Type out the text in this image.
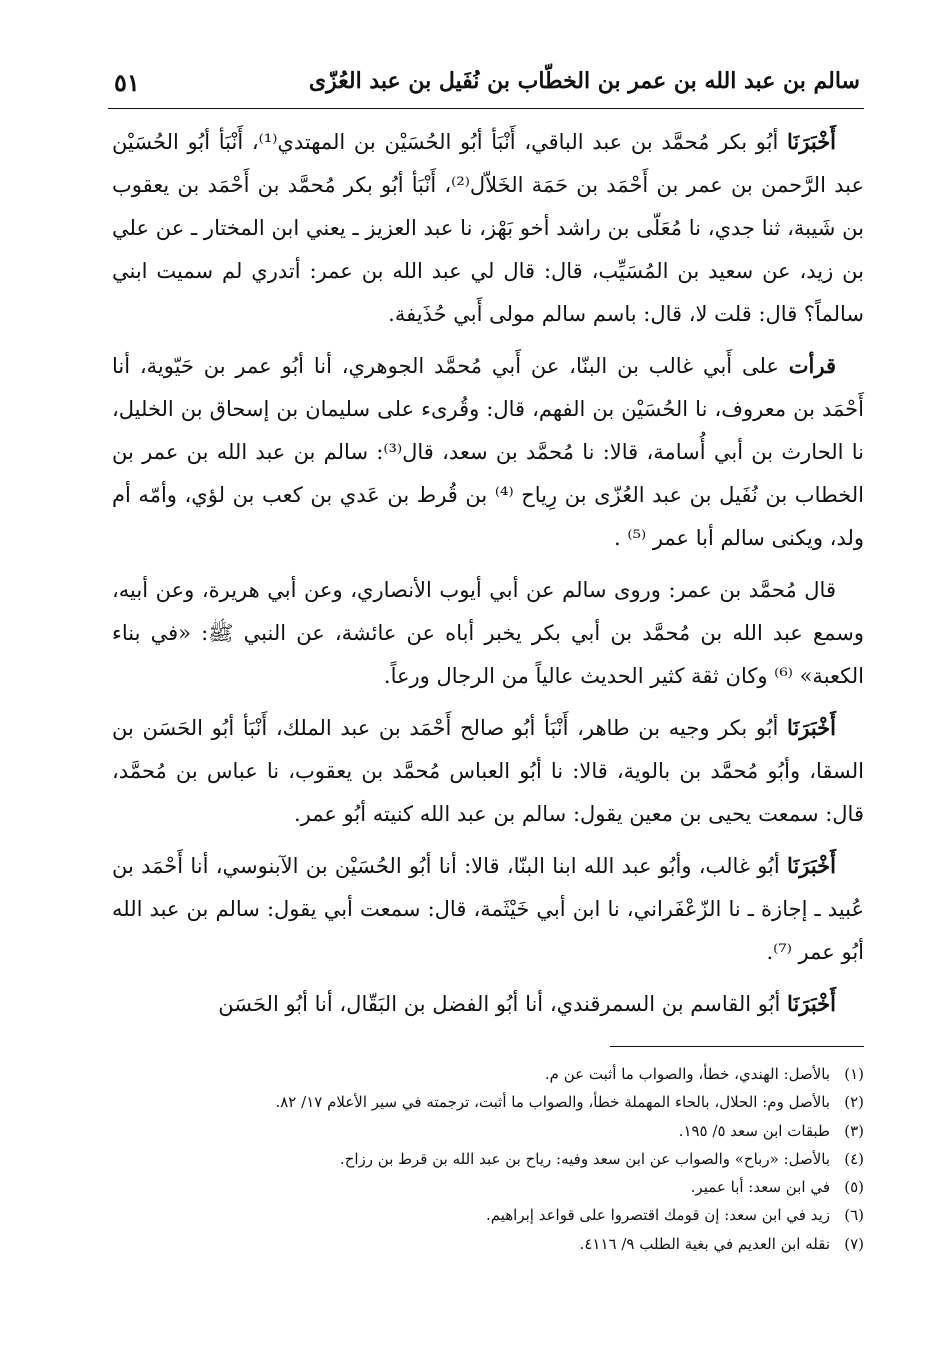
سالم بن عبد الله بن عمر بن الخطّاب بن نُفَيل بن عبد العُزّى
٥١

أَخْبَرَنَا أبُو بكر مُحمَّد بن عبد الباقي، أَنْبَأ أبُو الحُسَيْن بن المهتدي⁽¹⁾، أَنْبَأ أبُو الحُسَيْن عبد الرَّحمن بن عمر بن أَحْمَد بن حَمَة الخَلاّل⁽²⁾، أَنْبَأ أبُو بكر مُحمَّد بن أَحْمَد بن يعقوب بن شَيبة، ثنا جدي، نا مُعَلّى بن راشد أخو بَهْز، نا عبد العزيز ـ يعني ابن المختار ـ عن علي بن زيد، عن سعيد بن المُسَيِّب، قال: قال لي عبد الله بن عمر: أتدري لم سميت ابني سالماً؟ قال: قلت لا، قال: باسم سالم مولى أَبي حُذَيفة.

قرأت على أَبي غالب بن البنّا، عن أَبي مُحمَّد الجوهري، أنا أبُو عمر بن حَيّوية، أنا أَحْمَد بن معروف، نا الحُسَيْن بن الفهم، قال: وقُرىء على سليمان بن إسحاق بن الخليل، نا الحارث بن أبي أُسامة، قالا: نا مُحمَّد بن سعد، قال⁽³⁾: سالم بن عبد الله بن عمر بن الخطاب بن نُفَيل بن عبد العُزّى بن رِياح ⁽⁴⁾ بن قُرط بن عَدي بن كعب بن لؤي، وأمّه أم ولد، ويكنى سالم أبا عمر ⁽⁵⁾ .

قال مُحمَّد بن عمر: وروى سالم عن أبي أيوب الأنصاري، وعن أبي هريرة، وعن أبيه، وسمع عبد الله بن مُحمَّد بن أبي بكر يخبر أباه عن عائشة، عن النبي ﷺ: «في بناء الكعبة» ⁽⁶⁾ وكان ثقة كثير الحديث عالياً من الرجال ورعاً.

أَخْبَرَنَا أبُو بكر وجيه بن طاهر، أَنْبَأ أبُو صالح أَحْمَد بن عبد الملك، أَنْبَأ أبُو الحَسَن بن السقا، وأبُو مُحمَّد بن بالوية، قالا: نا أبُو العباس مُحمَّد بن يعقوب، نا عباس بن مُحمَّد، قال: سمعت يحيى بن معين يقول: سالم بن عبد الله كنيته أبُو عمر.

أَخْبَرَنَا أبُو غالب، وأبُو عبد الله ابنا البنّا، قالا: أنا أبُو الحُسَيْن بن الآبنوسي، أنا أَحْمَد بن عُبيد ـ إجازة ـ نا الزّعْفَراني، نا ابن أبي خَيْثَمة، قال: سمعت أبي يقول: سالم بن عبد الله أبُو عمر ⁽⁷⁾.

أَخْبَرَنَا أبُو القاسم بن السمرقندي، أنا أبُو الفضل بن البَقّال، أنا أبُو الحَسَن

(١)بالأصل: الهندي، خطأ، والصواب ما أثبت عن م.
(٢)بالأصل وم: الحلال، بالحاء المهملة خطأ، والصواب ما أثبت، ترجمته في سير الأعلام ١٧/ ٨٢.
(٣)طبقات ابن سعد ٥/ ١٩٥.
(٤)بالأصل: «رباح» والصواب عن ابن سعد وفيه: رياح بن عبد الله بن قرط بن رزاح.
(٥)في ابن سعد: أبا عمير.
(٦)زيد في ابن سعد: إن قومك اقتصروا على قواعد إبراهيم.
(٧)نقله ابن العديم في بغية الطلب ٩/ ٤١١٦.
